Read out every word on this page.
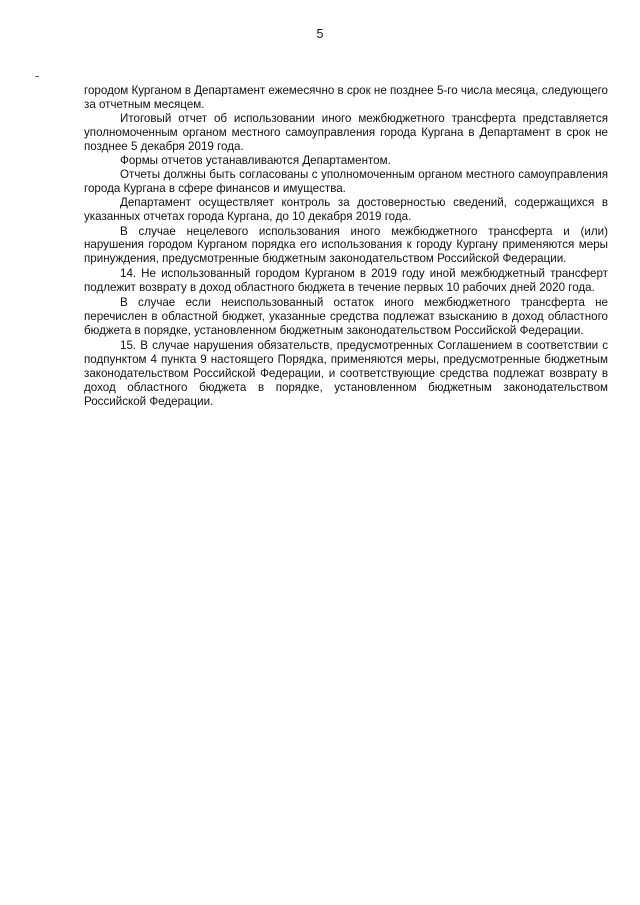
5

городом Курганом в Департамент ежемесячно в срок не позднее 5-го числа месяца, следующего за отчетным месяцем.

Итоговый отчет об использовании иного межбюджетного трансферта представляется уполномоченным органом местного самоуправления города Кургана в Департамент в срок не позднее 5 декабря 2019 года.

Формы отчетов устанавливаются Департаментом.

Отчеты должны быть согласованы с уполномоченным органом местного самоуправления города Кургана в сфере финансов и имущества.

Департамент осуществляет контроль за достоверностью сведений, содержащихся в указанных отчетах города Кургана, до 10 декабря 2019 года.

В случае нецелевого использования иного межбюджетного трансферта и (или) нарушения городом Курганом порядка его использования к городу Кургану применяются меры принуждения, предусмотренные бюджетным законодательством Российской Федерации.

14. Не использованный городом Курганом в 2019 году иной межбюджетный трансферт подлежит возврату в доход областного бюджета в течение первых 10 рабочих дней 2020 года.

В случае если неиспользованный остаток иного межбюджетного трансферта не перечислен в областной бюджет, указанные средства подлежат взысканию в доход областного бюджета в порядке, установленном бюджетным законодательством Российской Федерации.

15. В случае нарушения обязательств, предусмотренных Соглашением в соответствии с подпунктом 4 пункта 9 настоящего Порядка, применяются меры, предусмотренные бюджетным законодательством Российской Федерации, и соответствующие средства подлежат возврату в доход областного бюджета в порядке, установленном бюджетным законодательством Российской Федерации.
